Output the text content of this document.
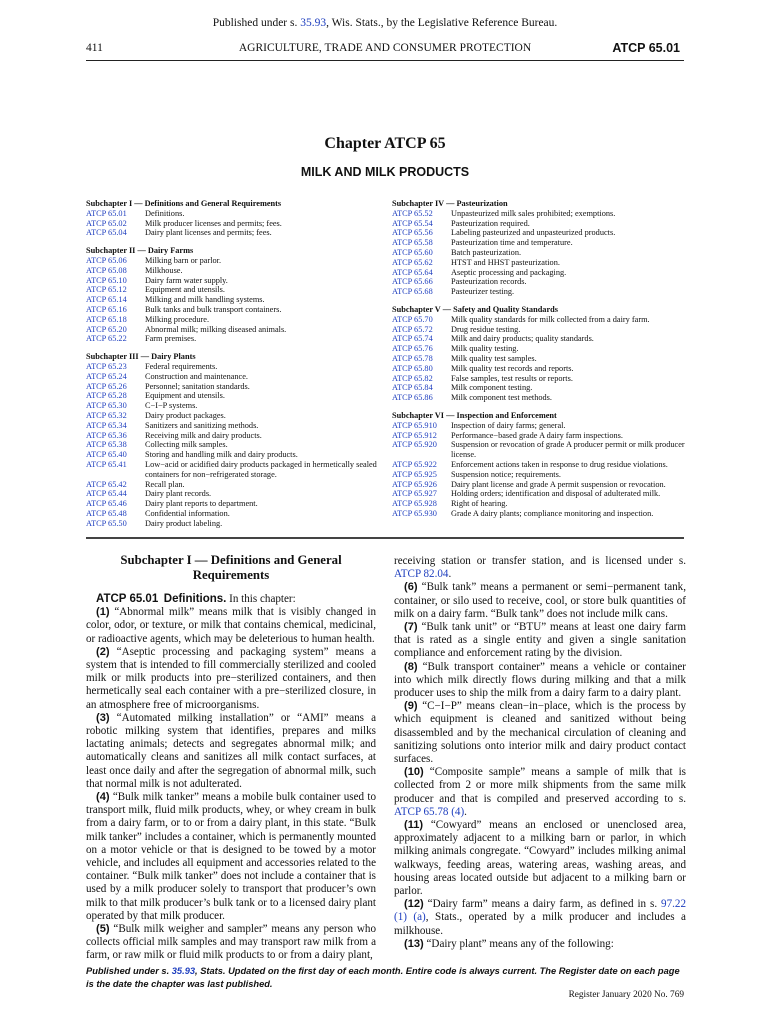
Published under s. 35.93, Wis. Stats., by the Legislative Reference Bureau.
411	AGRICULTURE, TRADE AND CONSUMER PROTECTION	ATCP 65.01
Chapter ATCP 65
MILK AND MILK PRODUCTS
Subchapter I — Definitions and General Requirements
ATCP 65.01	Definitions.
ATCP 65.02	Milk producer licenses and permits; fees.
ATCP 65.04	Dairy plant licenses and permits; fees.
Subchapter II — Dairy Farms
ATCP 65.06	Milking barn or parlor.
ATCP 65.08	Milkhouse.
ATCP 65.10	Dairy farm water supply.
ATCP 65.12	Equipment and utensils.
ATCP 65.14	Milking and milk handling systems.
ATCP 65.16	Bulk tanks and bulk transport containers.
ATCP 65.18	Milking procedure.
ATCP 65.20	Abnormal milk; milking diseased animals.
ATCP 65.22	Farm premises.
Subchapter III — Dairy Plants
ATCP 65.23	Federal requirements.
ATCP 65.24	Construction and maintenance.
ATCP 65.26	Personnel; sanitation standards.
ATCP 65.28	Equipment and utensils.
ATCP 65.30	C−I−P systems.
ATCP 65.32	Dairy product packages.
ATCP 65.34	Sanitizers and sanitizing methods.
ATCP 65.36	Receiving milk and dairy products.
ATCP 65.38	Collecting milk samples.
ATCP 65.40	Storing and handling milk and dairy products.
ATCP 65.41	Low−acid or acidified dairy products packaged in hermetically sealed containers for non−refrigerated storage.
ATCP 65.42	Recall plan.
ATCP 65.44	Dairy plant records.
ATCP 65.46	Dairy plant reports to department.
ATCP 65.48	Confidential information.
ATCP 65.50	Dairy product labeling.
Subchapter IV — Pasteurization
ATCP 65.52	Unpasteurized milk sales prohibited; exemptions.
ATCP 65.54	Pasteurization required.
ATCP 65.56	Labeling pasteurized and unpasteurized products.
ATCP 65.58	Pasteurization time and temperature.
ATCP 65.60	Batch pasteurization.
ATCP 65.62	HTST and HHST pasteurization.
ATCP 65.64	Aseptic processing and packaging.
ATCP 65.66	Pasteurization records.
ATCP 65.68	Pasteurizer testing.
Subchapter V — Safety and Quality Standards
ATCP 65.70	Milk quality standards for milk collected from a dairy farm.
ATCP 65.72	Drug residue testing.
ATCP 65.74	Milk and dairy products; quality standards.
ATCP 65.76	Milk quality testing.
ATCP 65.78	Milk quality test samples.
ATCP 65.80	Milk quality test records and reports.
ATCP 65.82	False samples, test results or reports.
ATCP 65.84	Milk component testing.
ATCP 65.86	Milk component test methods.
Subchapter VI — Inspection and Enforcement
ATCP 65.910	Inspection of dairy farms; general.
ATCP 65.912	Performance−based grade A dairy farm inspections.
ATCP 65.920	Suspension or revocation of grade A producer permit or milk producer license.
ATCP 65.922	Enforcement actions taken in response to drug residue violations.
ATCP 65.925	Suspension notice; requirements.
ATCP 65.926	Dairy plant license and grade A permit suspension or revocation.
ATCP 65.927	Holding orders; identification and disposal of adulterated milk.
ATCP 65.928	Right of hearing.
ATCP 65.930	Grade A dairy plants; compliance monitoring and inspection.

Subchapter I — Definitions and General Requirements

ATCP 65.01 Definitions. In this chapter:

(1) “Abnormal milk” means milk that is visibly changed in color, odor, or texture, or milk that contains chemical, medicinal, or radioactive agents, which may be deleterious to human health.

(2) “Aseptic processing and packaging system” means a system that is intended to fill commercially sterilized and cooled milk or milk products into pre−sterilized containers, and then hermetically seal each container with a pre−sterilized closure, in an atmosphere free of microorganisms.

(3) “Automated milking installation” or “AMI” means a robotic milking system that identifies, prepares and milks lactating animals; detects and segregates abnormal milk; and automatically cleans and sanitizes all milk contact surfaces, at least once daily and after the segregation of abnormal milk, such that normal milk is not adulterated.

(4) “Bulk milk tanker” means a mobile bulk container used to transport milk, fluid milk products, whey, or whey cream in bulk from a dairy farm, or to or from a dairy plant, in this state. “Bulk milk tanker” includes a container, which is permanently mounted on a motor vehicle or that is designed to be towed by a motor vehicle, and includes all equipment and accessories related to the container. “Bulk milk tanker” does not include a container that is used by a milk producer solely to transport that producer’s own milk to that milk producer’s bulk tank or to a licensed dairy plant operated by that milk producer.

(5) “Bulk milk weigher and sampler” means any person who collects official milk samples and may transport raw milk from a farm, or raw milk or fluid milk products to or from a dairy plant,

receiving station or transfer station, and is licensed under s. ATCP 82.04.

(6) “Bulk tank” means a permanent or semi−permanent tank, container, or silo used to receive, cool, or store bulk quantities of milk on a dairy farm. “Bulk tank” does not include milk cans.

(7) “Bulk tank unit” or “BTU” means at least one dairy farm that is rated as a single entity and given a single sanitation compliance and enforcement rating by the division.

(8) “Bulk transport container” means a vehicle or container into which milk directly flows during milking and that a milk producer uses to ship the milk from a dairy farm to a dairy plant.

(9) “C−I−P” means clean−in−place, which is the process by which equipment is cleaned and sanitized without being disassembled and by the mechanical circulation of cleaning and sanitizing solutions onto interior milk and dairy product contact surfaces.

(10) “Composite sample” means a sample of milk that is collected from 2 or more milk shipments from the same milk producer and that is compiled and preserved according to s. ATCP 65.78 (4).

(11) “Cowyard” means an enclosed or unenclosed area, approximately adjacent to a milking barn or parlor, in which milking animals congregate. “Cowyard” includes milking animal walkways, feeding areas, watering areas, washing areas, and housing areas located outside but adjacent to a milking barn or parlor.

(12) “Dairy farm” means a dairy farm, as defined in s. 97.22 (1) (a), Stats., operated by a milk producer and includes a milkhouse.

(13) “Dairy plant” means any of the following:

Published under s. 35.93, Stats. Updated on the first day of each month. Entire code is always current. The Register date on each page
is the date the chapter was last published.
Register January 2020 No. 769
